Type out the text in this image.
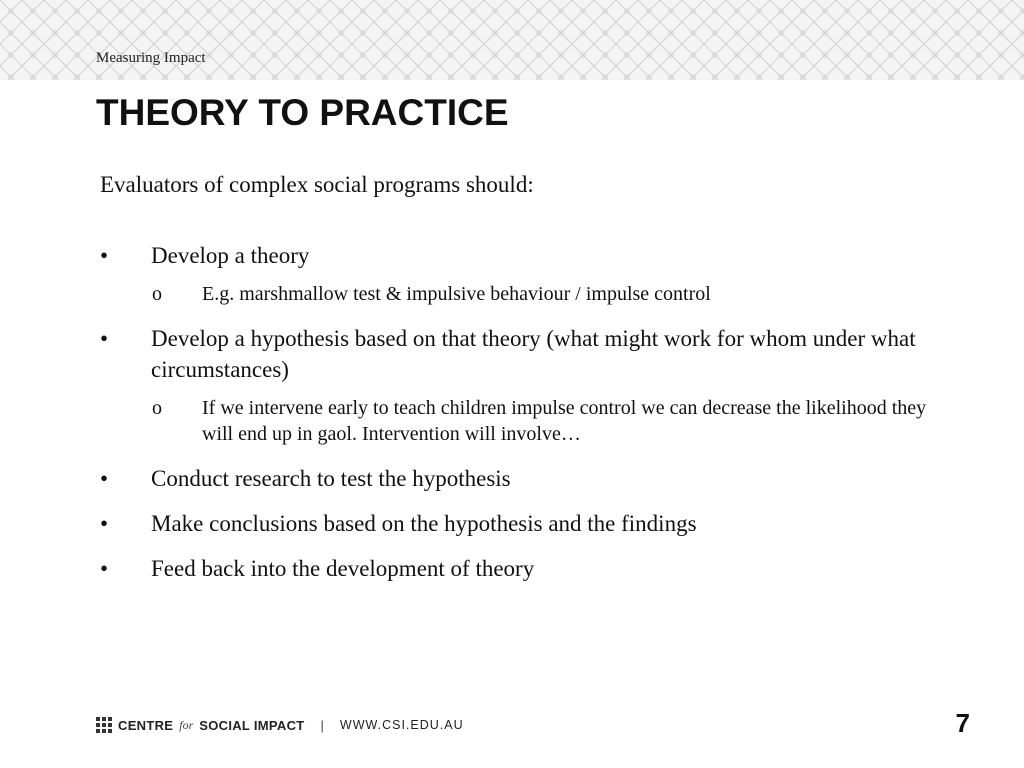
Measuring Impact
THEORY TO PRACTICE
Evaluators of complex social programs should:
•	Develop a theory
o	E.g. marshmallow test & impulsive behaviour / impulse control
•	Develop a hypothesis based on that theory (what might work for whom under what circumstances)
o	If we intervene early to teach children impulse control we can decrease the likelihood they will end up in gaol. Intervention will involve…
•	Conduct research to test the hypothesis
•	Make conclusions based on the hypothesis and the findings
•	Feed back into the development of theory
CENTRE for SOCIAL IMPACT | WWW.CSI.EDU.AU	7
